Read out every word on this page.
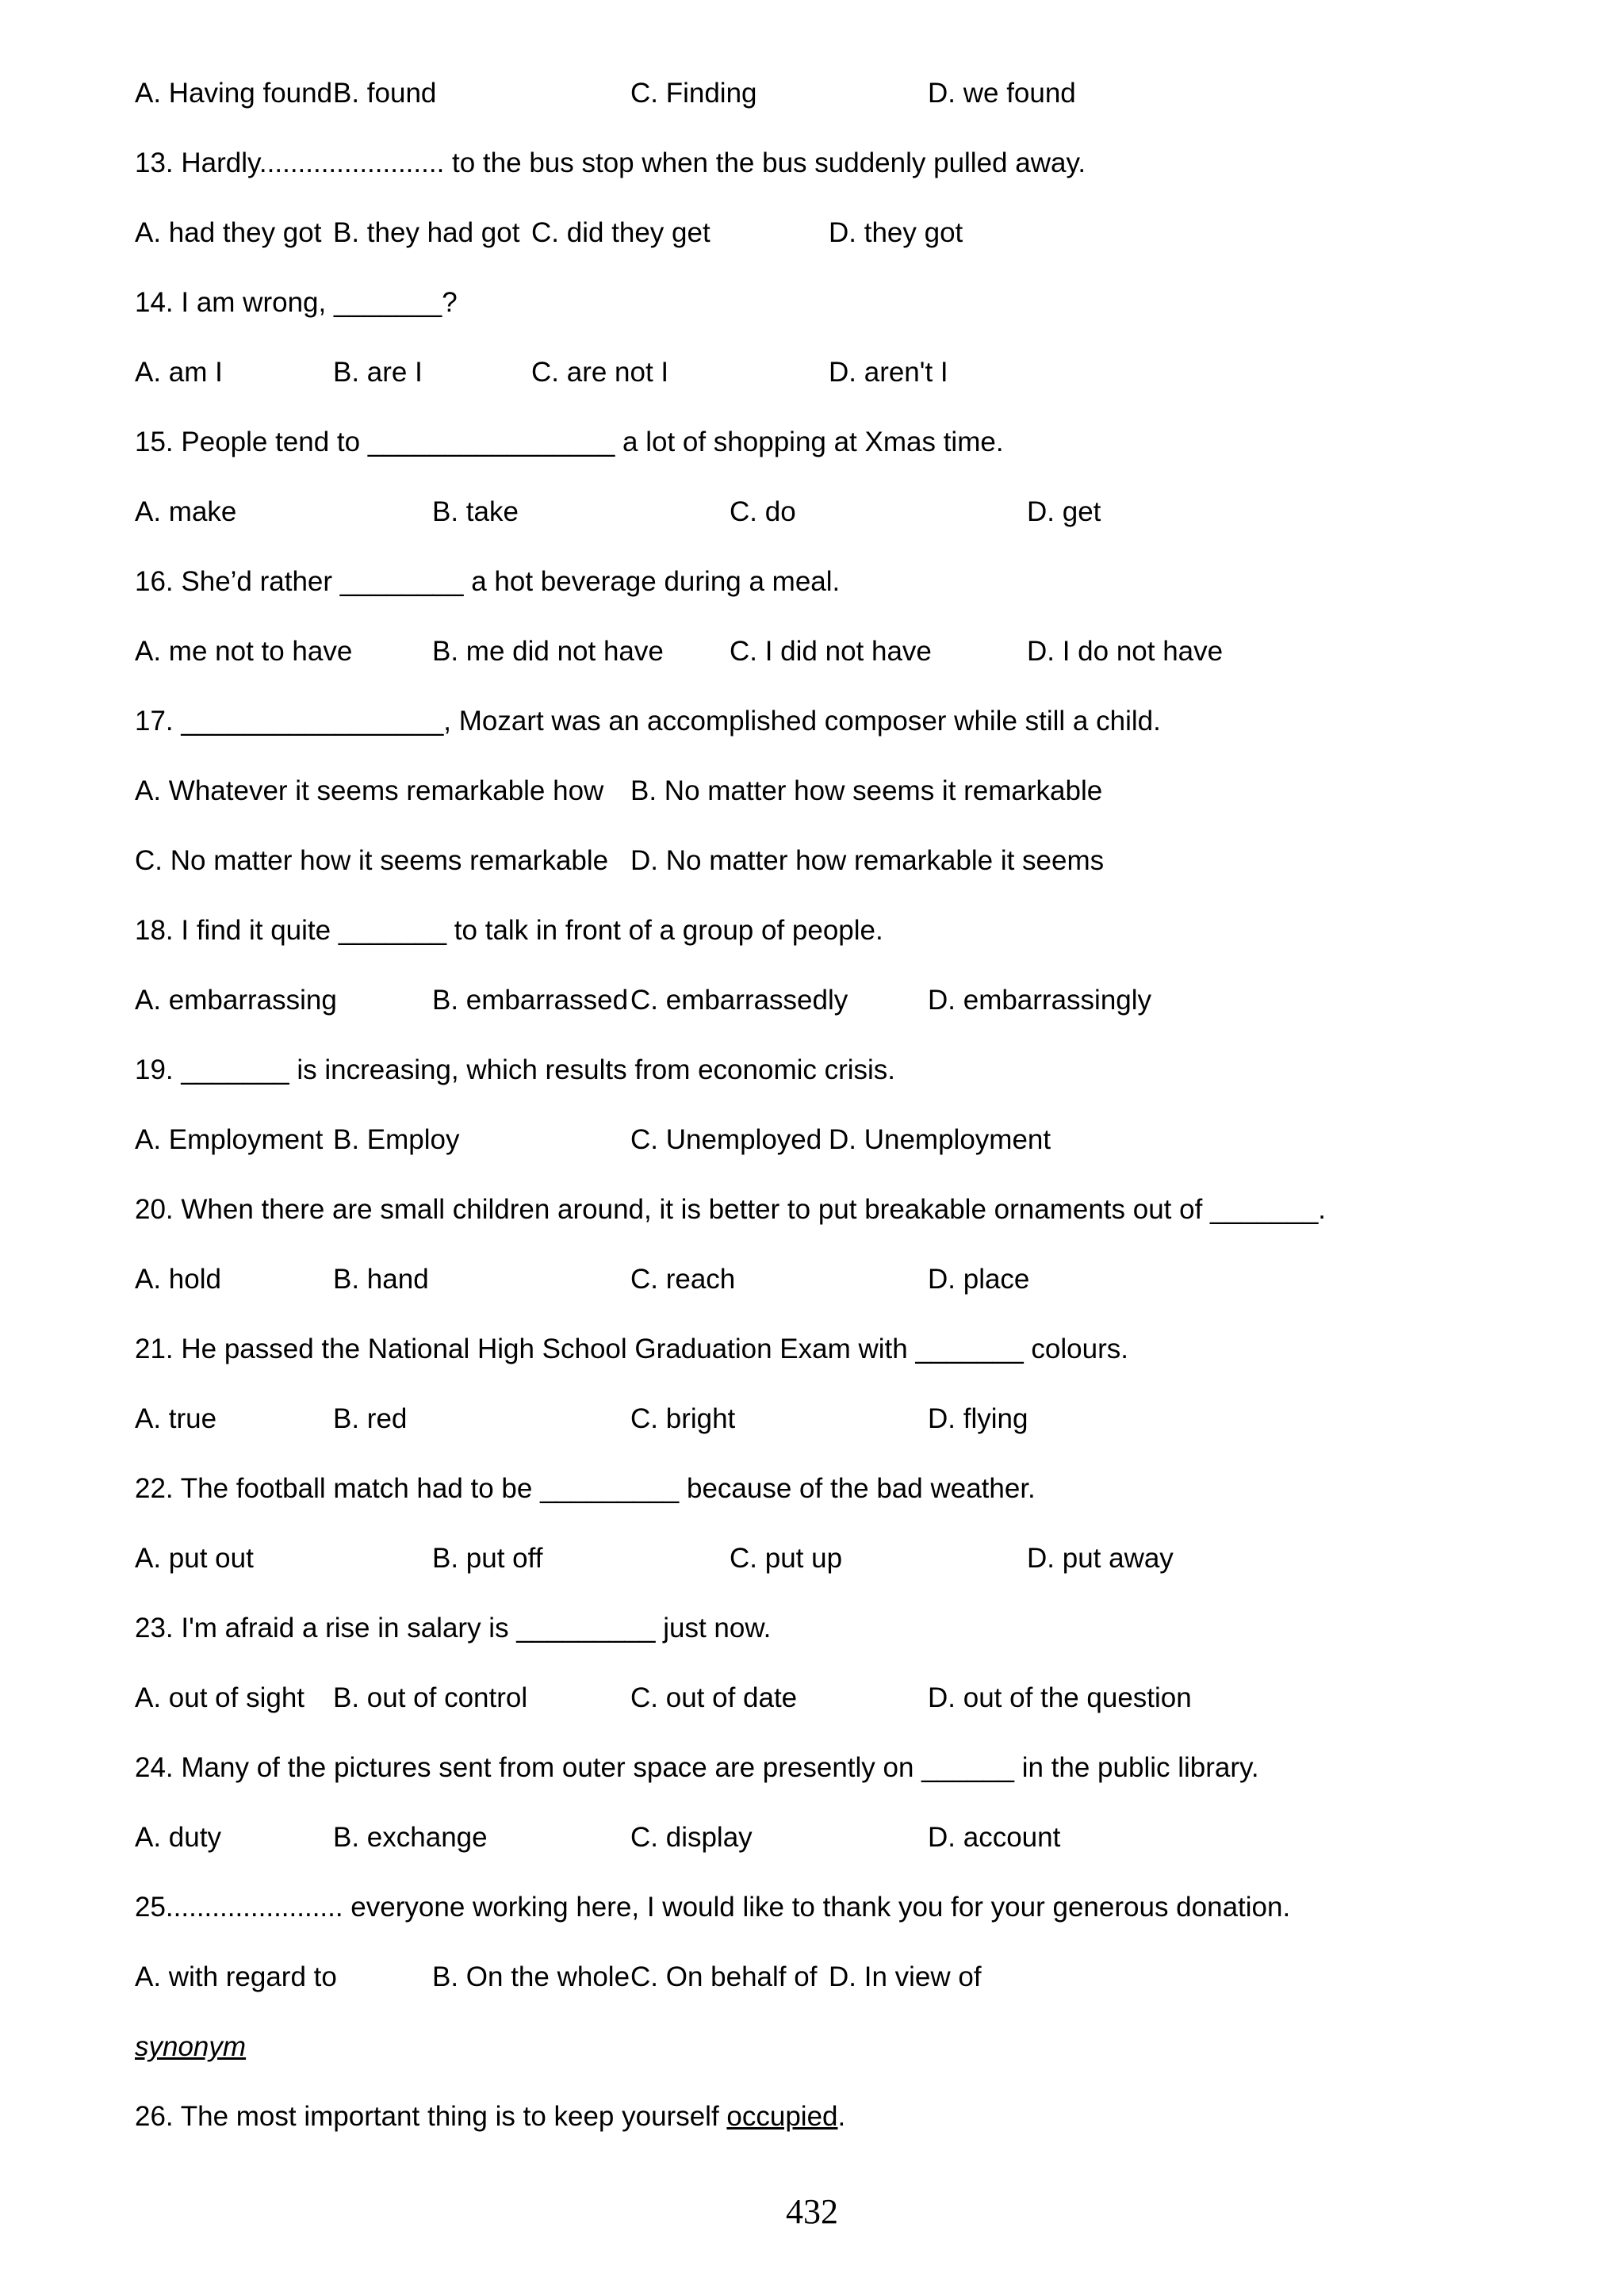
A. Having found B. found	C. Finding	D. we found
13. Hardly........................ to the bus stop when the bus suddenly pulled away.
A. had they got B. they had got C. did they get	D. they got
14. I am wrong, _______?
A. am I	B. are I	C. are not I	D. aren't I
15. People tend to ________________ a lot of shopping at Xmas time.
A. make	B. take	C. do	D. get
16. She’d rather ________ a hot beverage during a meal.
A. me not to have	B. me did not have C. I did not have	D. I do not have
17. _________________, Mozart was an accomplished composer while still a child.
A. Whatever it seems remarkable how B. No matter how seems it remarkable
C. No matter how it seems remarkable D. No matter how remarkable it seems
18. I find it quite _______ to talk in front of a group of people.
A. embarrassing	B. embarrassed C. embarrassedly	D. embarrassingly
19. _______ is increasing, which results from economic crisis.
A. Employment B. Employ	C. Unemployed D. Unemployment
20. When there are small children around, it is better to put breakable ornaments out of _______.
A. hold	B. hand	C. reach	D. place
21. He passed the National High School Graduation Exam with _______ colours.
A. true	B. red	C. bright	D. flying
22. The football match had to be _________ because of the bad weather.
A. put out	B. put off	C. put up	D. put away
23. I'm afraid a rise in salary is _________ just now.
A. out of sight B. out of control	C. out of date	D. out of the question
24. Many of the pictures sent from outer space are presently on ______ in the public library.
A. duty	B. exchange	C. display	D. account
25....................... everyone working here, I would like to thank you for your generous donation.
A. with regard to	B. On the whole C. On behalf of D. In view of
synonym
26. The most important thing is to keep yourself occupied.
432
